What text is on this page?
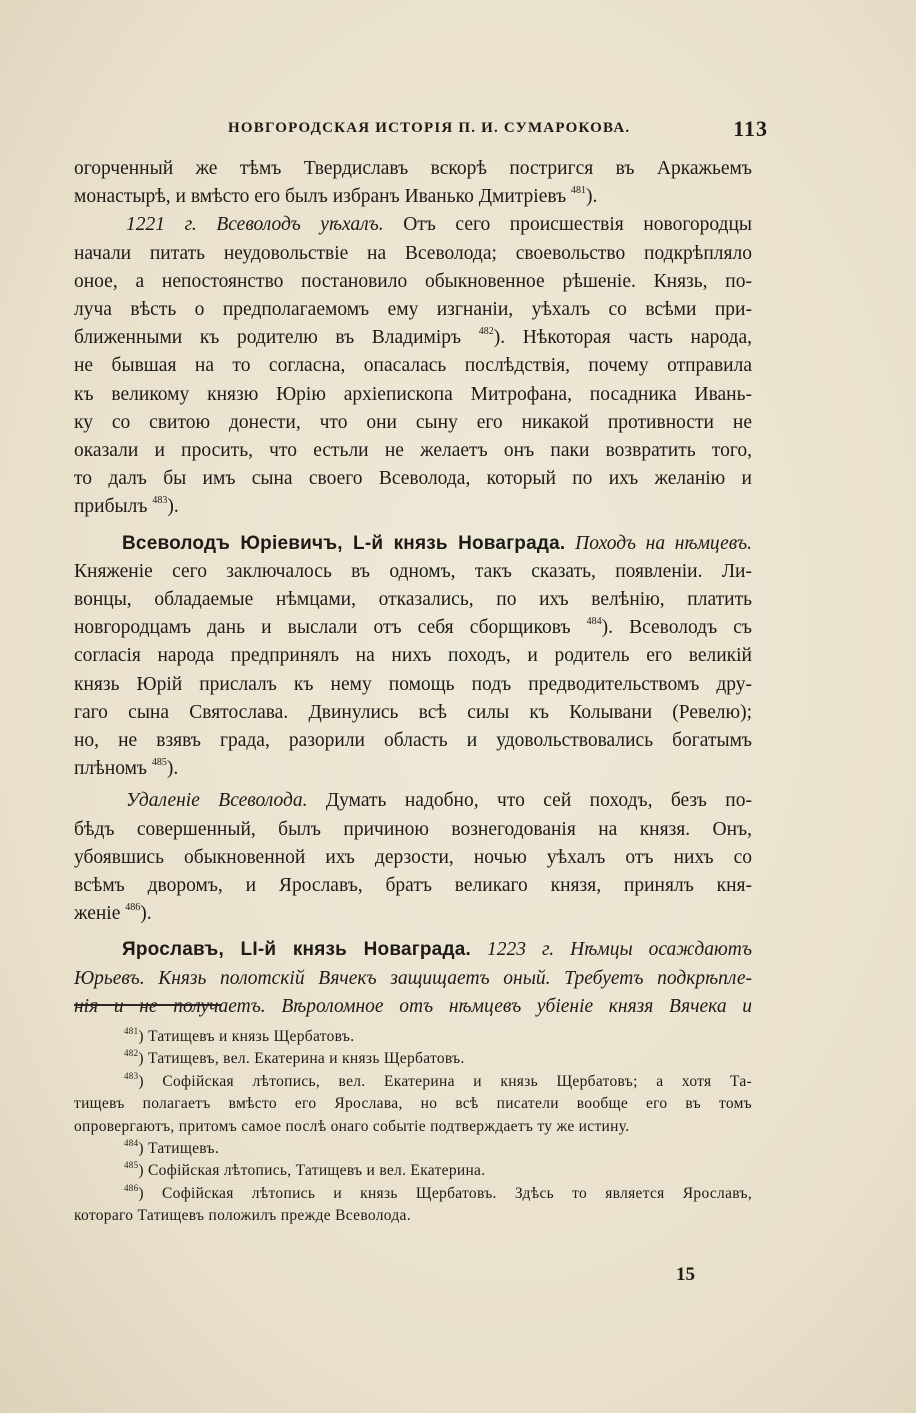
НОВГОРОДСКАЯ ИСТОРІЯ П. И. СУМАРОКОВА.	113

огорченный же тѣмъ Твердиславъ вскорѣ постригся въ Аркажьемъ
монастырѣ, и вмѣсто его былъ избранъ Иванько Дмитріевъ $^{481}$).

1221 г. Всеволодъ уѣхалъ. Отъ сего происшествія новогородцы
начали питать неудовольствіе на Всеволода; своевольство подкрѣпляло
оное, а непостоянство постановило обыкновенное рѣшеніе. Князь, по-
луча вѣсть о предполагаемомъ ему изгнаніи, уѣхалъ со всѣми при-
ближенными къ родителю въ Владиміръ $^{482}$). Нѣкоторая часть народа,
не бывшая на то согласна, опасалась послѣдствія, почему отправила
къ великому князю Юрію архіепископа Митрофана, посадника Ивань-
ку со свитою донести, что они сыну его никакой противности не
оказали и просить, что естьли не желаетъ онъ паки возвратить того,
то далъ бы имъ сына своего Всеволода, который по ихъ желанію и
прибылъ $^{483}$).

Всеволодъ Юріевичъ, L-й князь Новаграда. Походъ на нѣмцевъ.
Княженіе сего заключалось въ одномъ, такъ сказать, появленіи. Ли-
вонцы, обладаемые нѣмцами, отказались, по ихъ велѣнію, платить
новгородцамъ дань и выслали отъ себя сборщиковъ $^{484}$). Всеволодъ съ
согласія народа предпринялъ на нихъ походъ, и родитель его великій
князь Юрій прислалъ къ нему помощь подъ предводительствомъ дру-
гаго сына Святослава. Двинулись всѣ силы къ Колывани (Ревелю);
но, не взявъ града, разорили область и удовольствовались богатымъ
плѣномъ $^{485}$).

Удаленіе Всеволода. Думать надобно, что сей походъ, безъ по-
бѣдъ совершенный, былъ причиною вознегодованія на князя. Онъ,
убоявшись обыкновенной ихъ дерзости, ночью уѣхалъ отъ нихъ со
всѣмъ дворомъ, и Ярославъ, братъ великаго князя, принялъ кня-
женіе $^{486}$).

Ярославъ, LI-й князь Новаграда. 1223 г. Нѣмцы осаждаютъ
Юрьевъ. Князь полотскій Вячекъ защищаетъ оный. Требуетъ подкрѣпле-
нія и не получаетъ. Вѣроломное отъ нѣмцевъ убіеніе князя Вячека и

$^{481}$) Татищевъ и князь Щербатовъ.
$^{482}$) Татищевъ, вел. Екатерина и князь Щербатовъ.
$^{483}$) Софійская лѣтопись, вел. Екатерина и князь Щербатовъ; а хотя Та-
тищевъ полагаетъ вмѣсто его Ярослава, но всѣ писатели вообще его въ томъ
опровергаютъ, притомъ самое послѣ онаго событіе подтверждаетъ ту же истину.
$^{484}$) Татищевъ.
$^{485}$) Софійская лѣтопись, Татищевъ и вел. Екатерина.
$^{486}$) Софійская лѣтопись и князь Щербатовъ. Здѣсь то является Ярославъ,
котораго Татищевъ положилъ прежде Всеволода.
15
